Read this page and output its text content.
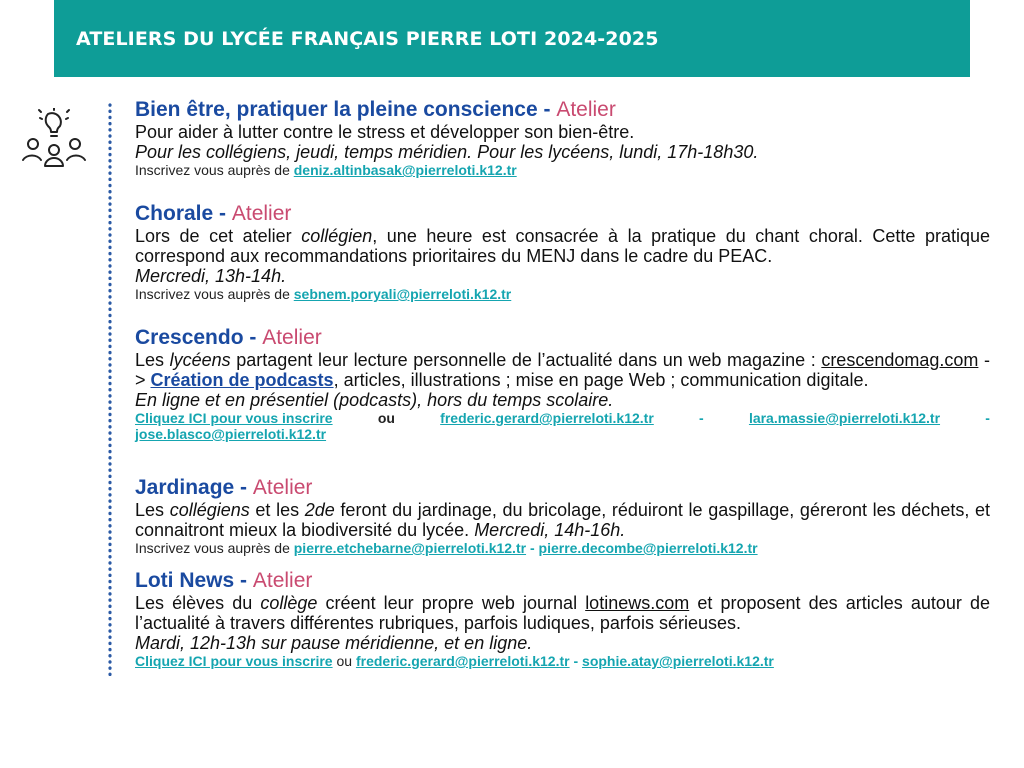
ATELIERS DU LYCÉE FRANÇAIS PIERRE LOTI 2024-2025
Bien être, pratiquer la pleine conscience - Atelier
Pour aider à lutter contre le stress et développer son bien-être.
Pour les collégiens, jeudi, temps méridien. Pour les lycéens, lundi, 17h-18h30.
Inscrivez vous auprès de deniz.altinbasak@pierreloti.k12.tr
Chorale - Atelier
Lors de cet atelier collégien, une heure est consacrée à la pratique du chant choral. Cette pratique correspond aux recommandations prioritaires du MENJ dans le cadre du PEAC.
Mercredi, 13h-14h.
Inscrivez vous auprès de sebnem.poryali@pierreloti.k12.tr
Crescendo - Atelier
Les lycéens partagent leur lecture personnelle de l’actualité dans un web magazine : crescendomag.com -> Création de podcasts, articles, illustrations ; mise en page Web ; communication digitale.
En ligne et en présentiel (podcasts), hors du temps scolaire.
Cliquez ICI pour vous inscrire	ou	frederic.gerard@pierreloti.k12.tr	-	lara.massie@pierreloti.k12.tr	-
jose.blasco@pierreloti.k12.tr
Jardinage - Atelier
Les collégiens et les 2de feront du jardinage, du bricolage, réduiront le gaspillage, géreront les déchets, et connaitront mieux la biodiversité du lycée. Mercredi, 14h-16h.
Inscrivez vous auprès de pierre.etchebarne@pierreloti.k12.tr - pierre.decombe@pierreloti.k12.tr
Loti News - Atelier
Les élèves du collège créent leur propre web journal lotinews.com et proposent des articles autour de l’actualité à travers différentes rubriques, parfois ludiques, parfois sérieuses.
Mardi, 12h-13h sur pause méridienne, et en ligne.
Cliquez ICI pour vous inscrire ou frederic.gerard@pierreloti.k12.tr - sophie.atay@pierreloti.k12.tr
